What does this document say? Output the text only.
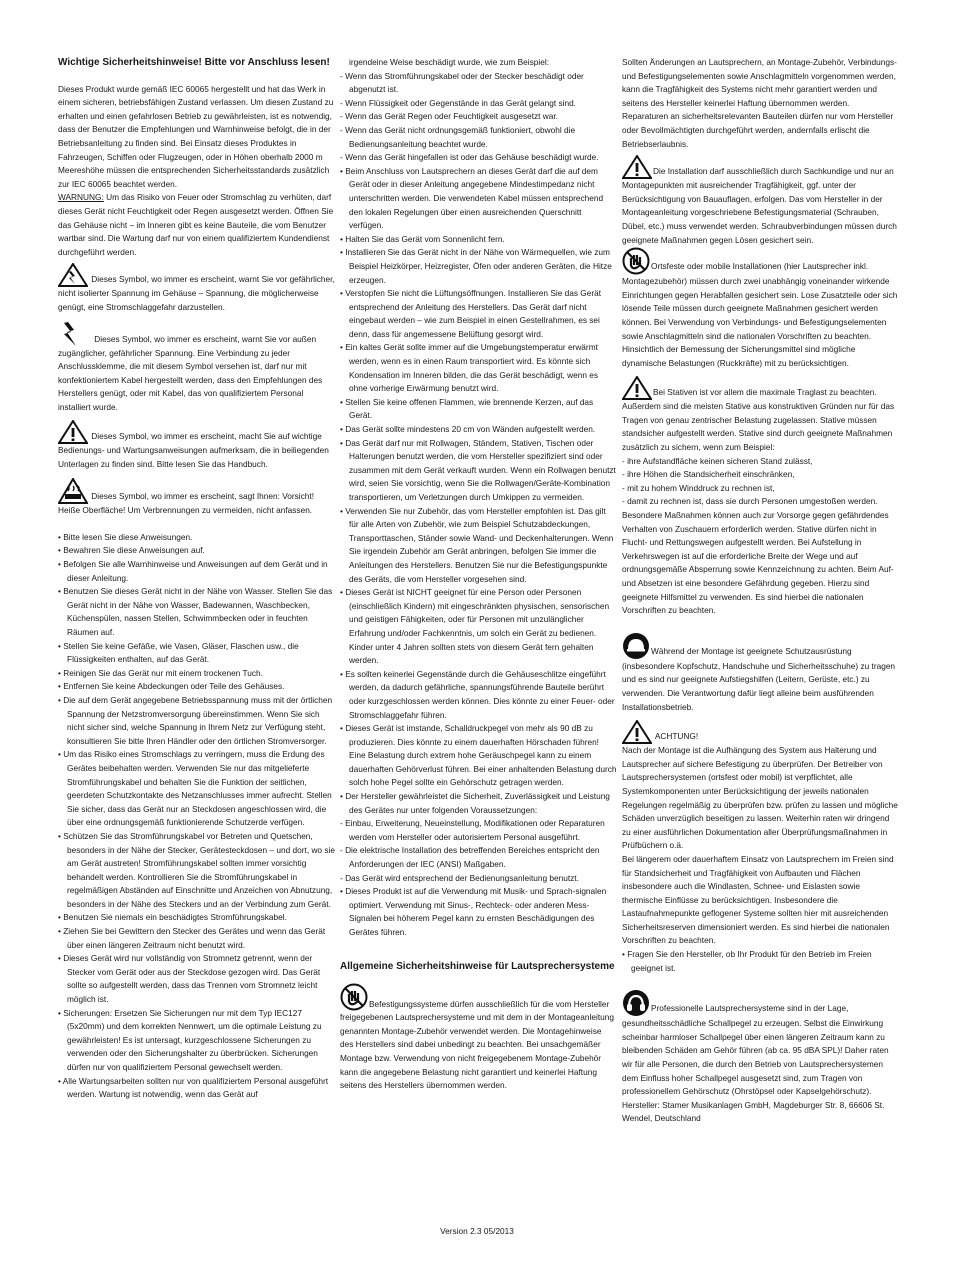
Wichtige Sicherheitshinweise! Bitte vor Anschluss lesen!

Dieses Produkt wurde gemäß IEC 60065 hergestellt und hat das Werk in einem sicheren, betriebsfähigen Zustand verlassen. Um diesen Zustand zu erhalten und einen gefahrlosen Betrieb zu gewährleisten, ist es notwendig, dass der Benutzer die Empfehlungen und Warnhinweise befolgt, die in der Betriebsanleitung zu finden sind. Bei Einsatz dieses Produktes in Fahrzeugen, Schiffen oder Flugzeugen, oder in Höhen oberhalb 2000 m Meereshöhe müssen die entsprechenden Sicherheitsstandards zusätzlich zur IEC 60065 beachtet werden.

WARNUNG: Um das Risiko von Feuer oder Stromschlag zu verhüten, darf dieses Gerät nicht Feuchtigkeit oder Regen ausgesetzt werden. Öffnen Sie das Gehäuse nicht – im Inneren gibt es keine Bauteile, die vom Benutzer wartbar sind. Die Wartung darf nur von einem qualifiziertem Kundendienst durchgeführt werden.

Dieses Symbol, wo immer es erscheint, warnt Sie vor gefährlicher, nicht isolierter Spannung im Gehäuse – Spannung, die möglicherweise genügt, eine Stromschlaggefahr darzustellen.

Dieses Symbol, wo immer es erscheint, warnt Sie vor außen zugänglicher, gefährlicher Spannung. Eine Verbindung zu jeder Anschlussklemme, die mit diesem Symbol versehen ist, darf nur mit konfektioniertem Kabel hergestellt werden, dass den Empfehlungen des Herstellers genügt, oder mit Kabel, das von qualifiziertem Personal installiert wurde.

Dieses Symbol, wo immer es erscheint, macht Sie auf wichtige Bedienungs- und Wartungsanweisungen aufmerksam, die in beiliegenden Unterlagen zu finden sind. Bitte lesen Sie das Handbuch.

Dieses Symbol, wo immer es erscheint, sagt Ihnen: Vorsicht! Heiße Oberfläche! Um Verbrennungen zu vermeiden, nicht anfassen.

• Bitte lesen Sie diese Anweisungen.

• Bewahren Sie diese Anweisungen auf.

• Befolgen Sie alle Warnhinweise und Anweisungen auf dem Gerät und in dieser Anleitung.

• Benutzen Sie dieses Gerät nicht in der Nähe von Wasser. Stellen Sie das Gerät nicht in der Nähe von Wasser, Badewannen, Waschbecken, Küchenspülen, nassen Stellen, Schwimmbecken oder in feuchten Räumen auf.

• Stellen Sie keine Gefäße, wie Vasen, Gläser, Flaschen usw., die Flüssigkeiten enthalten, auf das Gerät.

• Reinigen Sie das Gerät nur mit einem trockenen Tuch.

• Entfernen Sie keine Abdeckungen oder Teile des Gehäuses.

• Die auf dem Gerät angegebene Betriebsspannung muss mit der örtlichen Spannung der Netzstromversorgung übereinstimmen. Wenn Sie sich nicht sicher sind, welche Spannung in Ihrem Netz zur Verfügung steht, konsultieren Sie bitte Ihren Händler oder den örtlichen Stromversorger.

• Um das Risiko eines Stromschlags zu verringern, muss die Erdung des Gerätes beibehalten werden. Verwenden Sie nur das mitgelieferte Stromführungskabel und behalten Sie die Funktion der seitlichen, geerdeten Schutzkontakte des Netzanschlusses immer aufrecht. Stellen Sie sicher, dass das Gerät nur an Steckdosen angeschlossen wird, die über eine ordnungsgemäß funktionierende Schutzerde verfügen.

• Schützen Sie das Stromführungskabel vor Betreten und Quetschen, besonders in der Nähe der Stecker, Gerätesteckdosen – und dort, wo sie am Gerät austreten! Stromführungskabel sollten immer vorsichtig behandelt werden. Kontrollieren Sie die Stromführungskabel in regelmäßigen Abständen auf Einschnitte und Anzeichen von Abnutzung, besonders in der Nähe des Steckers und an der Verbindung zum Gerät.

• Benutzen Sie niemals ein beschädigtes Stromführungskabel.

• Ziehen Sie bei Gewittern den Stecker des Gerätes und wenn das Gerät über einen längeren Zeitraum nicht benutzt wird.

• Dieses Gerät wird nur vollständig von Stromnetz getrennt, wenn der Stecker vom Gerät oder aus der Steckdose gezogen wird. Das Gerät sollte so aufgestellt werden, dass das Trennen vom Stromnetz leicht möglich ist.

• Sicherungen: Ersetzen Sie Sicherungen nur mit dem Typ IEC127 (5x20mm) und dem korrekten Nennwert, um die optimale Leistung zu gewährleisten! Es ist untersagt, kurzgeschlossene Sicherungen zu verwenden oder den Sicherungshalter zu überbrücken. Sicherungen dürfen nur von qualifiziertem Personal gewechselt werden.

• Alle Wartungsarbeiten sollten nur von qualifiziertem Personal ausgeführt werden. Wartung ist notwendig, wenn das Gerät auf

irgendeine Weise beschädigt wurde, wie zum Beispiel:

- Wenn das Stromführungskabel oder der Stecker beschädigt oder abgenutzt ist.

- Wenn Flüssigkeit oder Gegenstände in das Gerät gelangt sind.

- Wenn das Gerät Regen oder Feuchtigkeit ausgesetzt war.

- Wenn das Gerät nicht ordnungsgemäß funktioniert, obwohl die Bedienungsanleitung beachtet wurde.

- Wenn das Gerät hingefallen ist oder das Gehäuse beschädigt wurde.

• Beim Anschluss von Lautsprechern an dieses Gerät darf die auf dem Gerät oder in dieser Anleitung angegebene Mindestimpedanz nicht unterschritten werden. Die verwendeten Kabel müssen entsprechend den lokalen Regelungen über einen ausreichenden Querschnitt verfügen.

• Halten Sie das Gerät vom Sonnenlicht fern.

• Installieren Sie das Gerät nicht in der Nähe von Wärmequellen, wie zum Beispiel Heizkörper, Heizregister, Öfen oder anderen Geräten, die Hitze erzeugen.

• Verstopfen Sie nicht die Lüftungsöffnungen. Installieren Sie das Gerät entsprechend der Anleitung des Herstellers. Das Gerät darf nicht eingebaut werden – wie zum Beispiel in einen Gestellrahmen, es sei denn, dass für angemessene Belüftung gesorgt wird.

• Ein kaltes Gerät sollte immer auf die Umgebungstemperatur erwärmt werden, wenn es in einen Raum transportiert wird. Es könnte sich Kondensation im Inneren bilden, die das Gerät beschädigt, wenn es ohne vorherige Erwärmung benutzt wird.

• Stellen Sie keine offenen Flammen, wie brennende Kerzen, auf das Gerät.

• Das Gerät sollte mindestens 20 cm von Wänden aufgestellt werden.

• Das Gerät darf nur mit Rollwagen, Ständern, Stativen, Tischen oder Halterungen benutzt werden, die vom Hersteller spezifiziert sind oder zusammen mit dem Gerät verkauft wurden. Wenn ein Rollwagen benutzt wird, seien Sie vorsichtig, wenn Sie die Rollwagen/Geräte-Kombination transportieren, um Verletzungen durch Umkippen zu vermeiden.

• Verwenden Sie nur Zubehör, das vom Hersteller empfohlen ist. Das gilt für alle Arten von Zubehör, wie zum Beispiel Schutzabdeckungen, Transporttaschen, Ständer sowie Wand- und Deckenhalterungen. Wenn Sie irgendein Zubehör am Gerät anbringen, befolgen Sie immer die Anleitungen des Herstellers. Benutzen Sie nur die Befestigungspunkte des Geräts, die vom Hersteller vorgesehen sind.

• Dieses Gerät ist NICHT geeignet für eine Person oder Personen (einschließlich Kindern) mit eingeschränkten physischen, sensorischen und geistigen Fähigkeiten, oder für Personen mit unzulänglicher Erfahrung und/oder Fachkenntnis, um solch ein Gerät zu bedienen. Kinder unter 4 Jahren sollten stets von diesem Gerät fern gehalten werden.

• Es sollten keinerlei Gegenstände durch die Gehäuseschlitze eingeführt werden, da dadurch gefährliche, spannungsführende Bauteile berührt oder kurzgeschlossen werden können. Dies könnte zu einer Feuer- oder Stromschlaggefahr führen.

• Dieses Gerät ist imstande, Schalldruckpegel von mehr als 90 dB zu produzieren. Dies könnte zu einem dauerhaften Hörschaden führen! Eine Belastung durch extrem hohe Geräuschpegel kann zu einem dauerhaften Gehörverlust führen. Bei einer anhaltenden Belastung durch solch hohe Pegel sollte ein Gehörschutz getragen werden.

• Der Hersteller gewährleistet die Sicherheit, Zuverlässigkeit und Leistung des Gerätes nur unter folgenden Voraussetzungen:

- Einbau, Erweiterung, Neueinstellung, Modifikationen oder Reparaturen werden vom Hersteller oder autorisiertem Personal ausgeführt.

- Die elektrische Installation des betreffenden Bereiches entspricht den Anforderungen der IEC (ANSI) Maßgaben.

- Das Gerät wird entsprechend der Bedienungsanleitung benutzt.

• Dieses Produkt ist auf die Verwendung mit Musik- und Sprach-signalen optimiert. Verwendung mit Sinus-, Rechteck- oder anderen Mess-Signalen bei höherem Pegel kann zu ernsten Beschädigungen des Gerätes führen.

Allgemeine Sicherheitshinweise für Lautsprechersysteme

Befestigungssysteme dürfen ausschließlich für die vom Hersteller freigegebenen Lautsprechersysteme und mit dem in der Montageanleitung genannten Montage-Zubehör verwendet werden. Die Montagehinweise des Herstellers sind dabei unbedingt zu beachten. Bei unsachgemäßer Montage bzw. Verwendung von nicht freigegebenem Montage-Zubehör kann die angegebene Belastung nicht garantiert und keinerlei Haftung seitens des Herstellers übernommen werden.

Sollten Änderungen an Lautsprechern, an Montage-Zubehör, Verbindungs- und Befestigungselementen sowie Anschlagmitteln vorgenommen werden, kann die Tragfähigkeit des Systems nicht mehr garantiert werden und seitens des Hersteller keinerlei Haftung übernommen werden.

Reparaturen an sicherheitsrelevanten Bauteilen dürfen nur vom Hersteller oder Bevollmächtigten durchgeführt werden, andernfalls erlischt die Betriebserlaubnis.

Die Installation darf ausschließlich durch Sachkundige und nur an Montagepunkten mit ausreichender Tragfähigkeit, ggf. unter der Berücksichtigung von Bauauflagen, erfolgen. Das vom Hersteller in der Montageanleitung vorgeschriebene Befestigungsmaterial (Schrauben, Dübel, etc.) muss verwendet werden. Schraubverbindungen müssen durch geeignete Maßnahmen gegen Lösen gesichert sein.

Ortsfeste oder mobile Installationen (hier Lautsprecher inkl. Montagezubehör) müssen durch zwei unabhängig voneinander wirkende Einrichtungen gegen Herabfallen gesichert sein. Lose Zusatzteile oder sich lösende Teile müssen durch geeignete Maßnahmen gesichert werden können. Bei Verwendung von Verbindungs- und Befestigungselementen sowie Anschlagmitteln sind die nationalen Vorschriften zu beachten. Hinsichtlich der Bemessung der Sicherungsmittel sind mögliche dynamische Belastungen (Ruckkräfte) mit zu berücksichtigen.

Bei Stativen ist vor allem die maximale Traglast zu beachten. Außerdem sind die meisten Stative aus konstruktiven Gründen nur für das Tragen von genau zentrischer Belastung zugelassen. Stative müssen standsicher aufgestellt werden. Stative sind durch geeignete Maßnahmen zusätzlich zu sichern, wenn zum Beispiel:

- ihre Aufstandfläche keinen sicheren Stand zulässt,

- ihre Höhen die Standsicherheit einschränken,

- mit zu hohem Winddruck zu rechnen ist,

- damit zu rechnen ist, dass sie durch Personen umgestoßen werden.

Besondere Maßnahmen können auch zur Vorsorge gegen gefährdendes Verhalten von Zuschauern erforderlich werden. Stative dürfen nicht in Flucht- und Rettungswegen aufgestellt werden. Bei Aufstellung in Verkehrswegen ist auf die erforderliche Breite der Wege und auf ordnungsgemäße Absperrung sowie Kennzeichnung zu achten. Beim Auf- und Absetzen ist eine besondere Gefährdung gegeben. Hierzu sind geeignete Hilfsmittel zu verwenden. Es sind hierbei die nationalen Vorschriften zu beachten.

Während der Montage ist geeignete Schutzausrüstung (insbesondere Kopfschutz, Handschuhe und Sicherheitsschuhe) zu tragen und es sind nur geeignete Aufstiegshilfen (Leitern, Gerüste, etc.) zu verwenden. Die Verantwortung dafür liegt alleine beim ausführenden Installationsbetrieb.

ACHTUNG!

Nach der Montage ist die Aufhängung des System aus Halterung und Lautsprecher auf sichere Befestigung zu überprüfen. Der Betreiber von Lautsprechersystemen (ortsfest oder mobil) ist verpflichtet, alle Systemkomponenten unter Berücksichtigung der jeweils nationalen Regelungen regelmäßig zu überprüfen bzw. prüfen zu lassen und mögliche Schäden unverzüglich beseitigen zu lassen. Weiterhin raten wir dringend zu einer ausführlichen Dokumentation aller Überprüfungsmaßnahmen in Prüfbüchern o.ä.

Bei längerem oder dauerhaftem Einsatz von Lautsprechern im Freien sind für Standsicherheit und Tragfähigkeit von Aufbauten und Flächen insbesondere auch die Windlasten, Schnee- und Eislasten sowie thermische Einflüsse zu berücksichtigen. Insbesondere die Lastaufnahmepunkte geflogener Systeme sollten hier mit ausreichenden Sicherheitsreserven dimensioniert werden. Es sind hierbei die nationalen Vorschriften zu beachten.

• Fragen Sie den Hersteller, ob Ihr Produkt für den Betrieb im Freien geeignet ist.

Professionelle Lautsprechersysteme sind in der Lage, gesundheitsschädliche Schallpegel zu erzeugen. Selbst die Einwirkung scheinbar harmloser Schallpegel über einen längeren Zeitraum kann zu bleibenden Schäden am Gehör führen (ab ca. 95 dBA SPL)! Daher raten wir für alle Personen, die durch den Betrieb von Lautsprechersystemen dem Einfluss hoher Schallpegel ausgesetzt sind, zum Tragen von professionellem Gehörschutz (Ohrstöpsel oder Kapselgehörschutz).

Hersteller: Stamer Musikanlagen GmbH, Magdeburger Str. 8, 66606 St. Wendel, Deutschland

Version 2.3 05/2013
